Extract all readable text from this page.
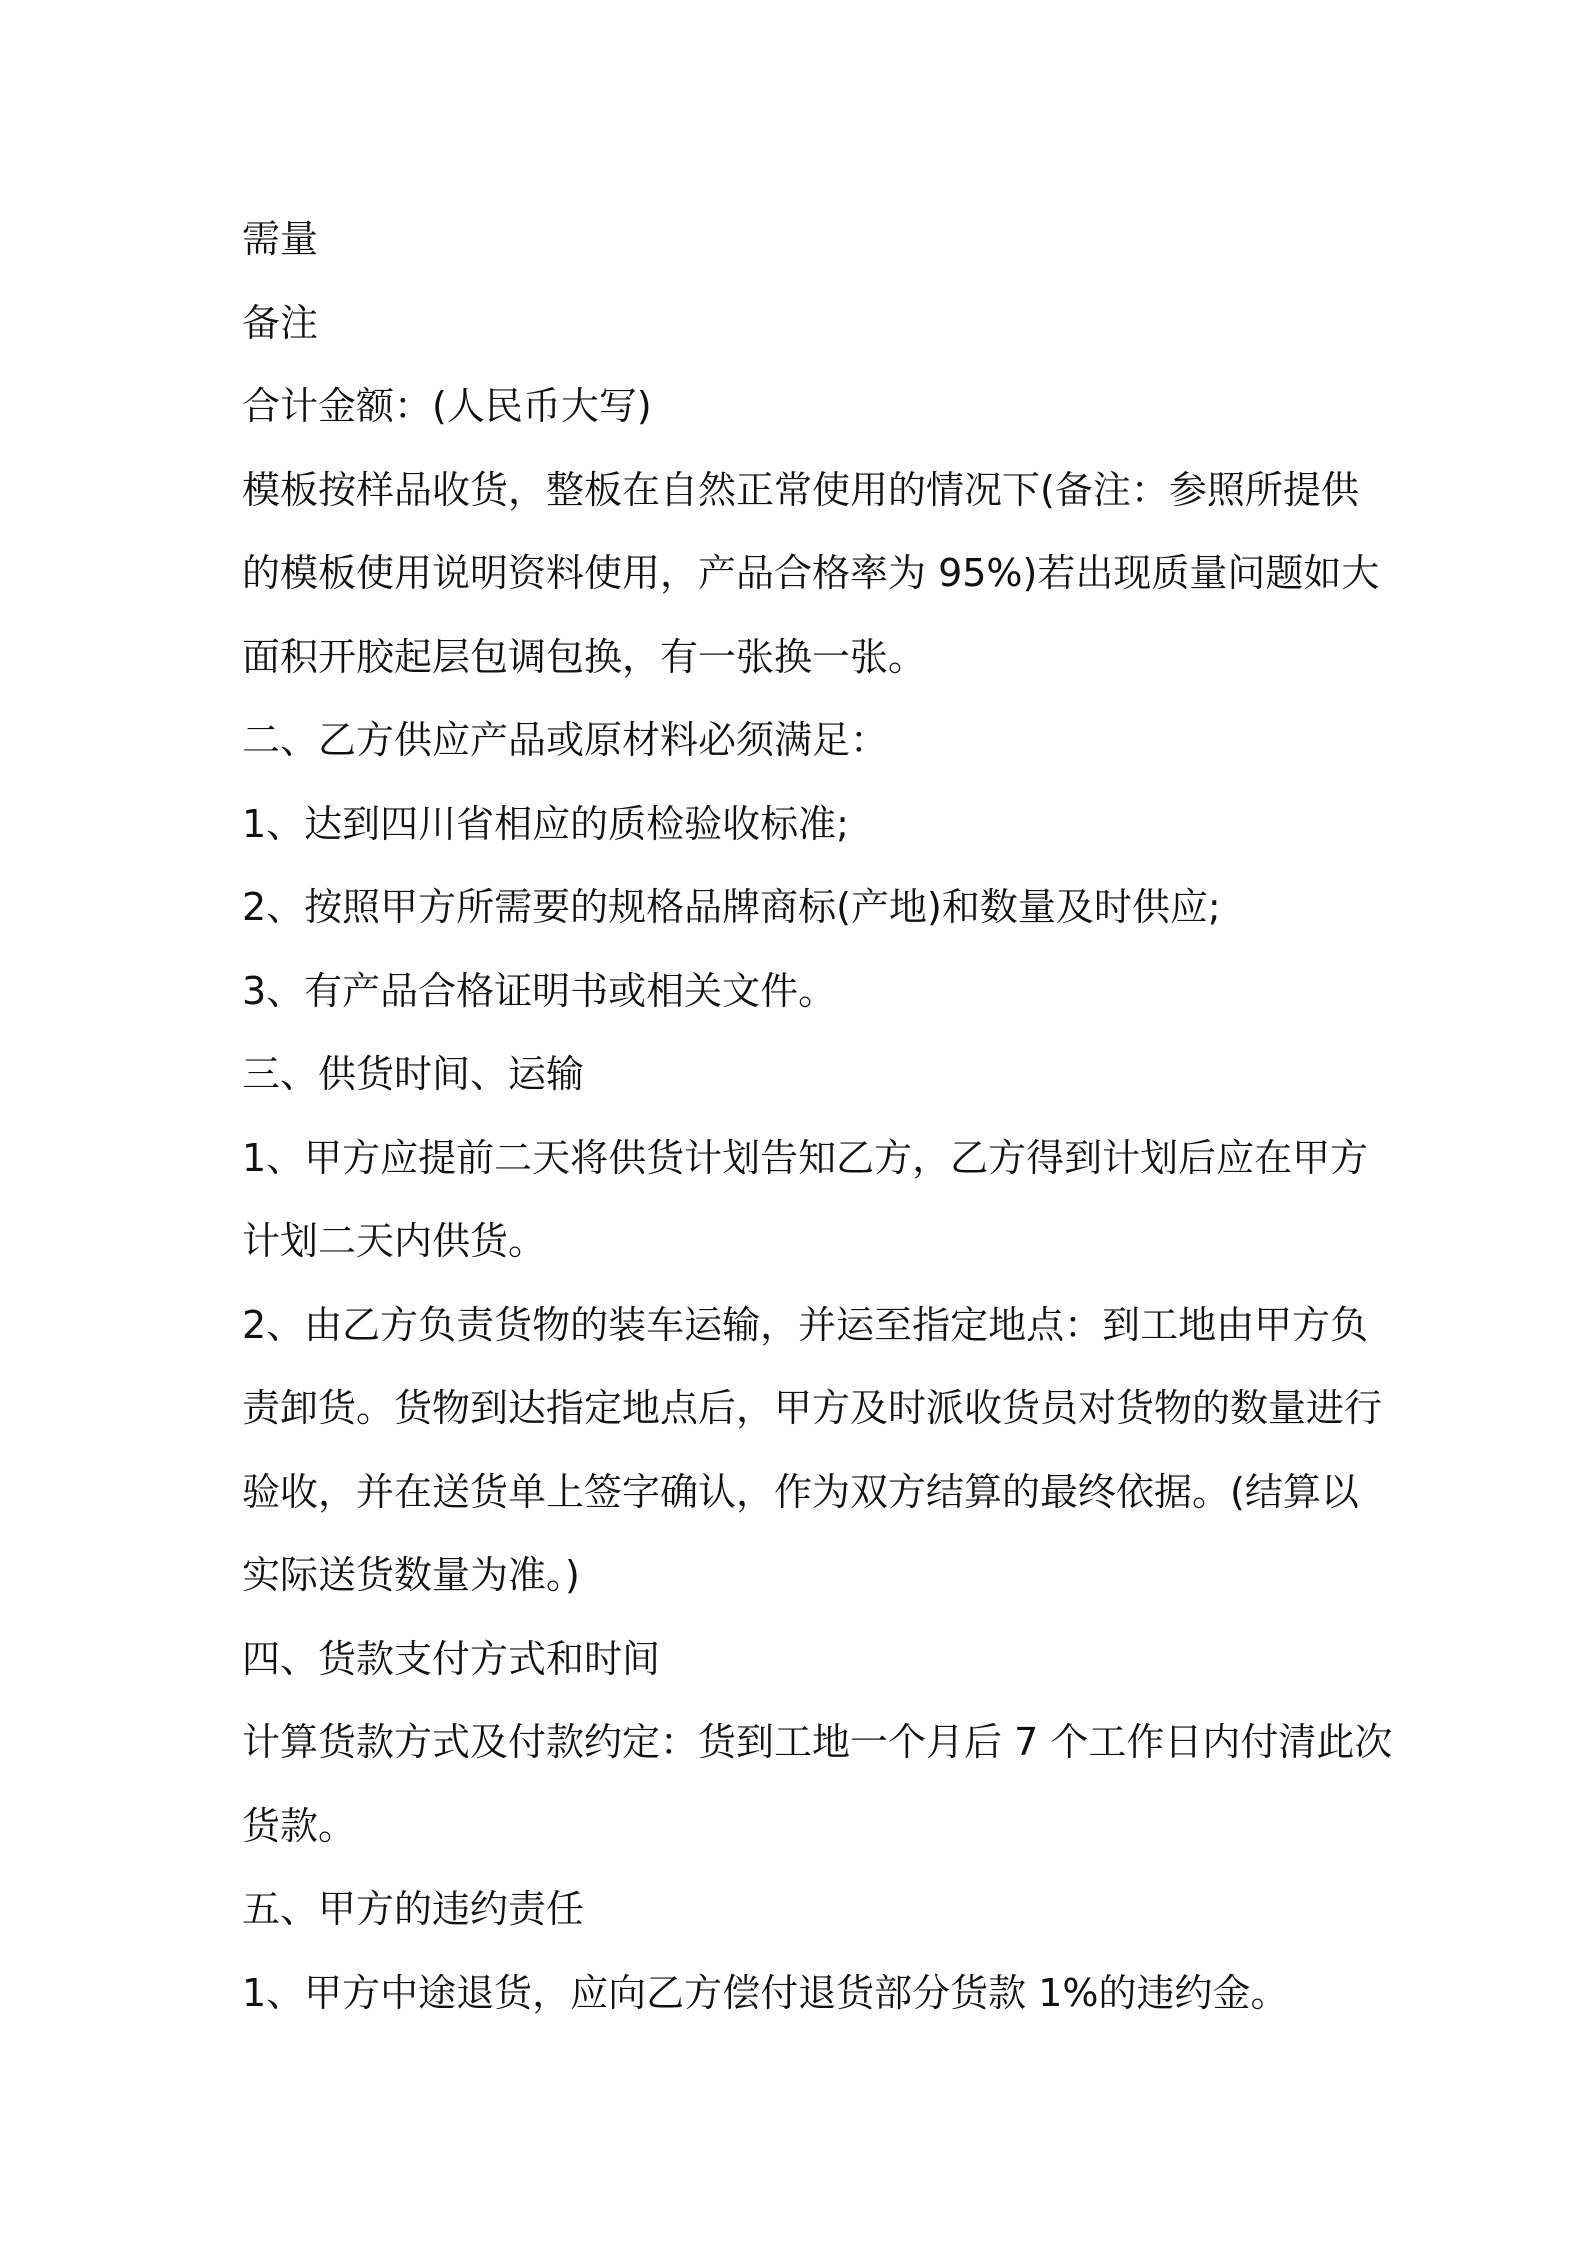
需量

备注

合计金额：(人民币大写)

模板按样品收货，整板在自然正常使用的情况下(备注：参照所提供

的模板使用说明资料使用，产品合格率为 95%)若出现质量问题如大

面积开胶起层包调包换，有一张换一张。

二、乙方供应产品或原材料必须满足：

1、达到四川省相应的质检验收标准;

2、按照甲方所需要的规格品牌商标(产地)和数量及时供应;

3、有产品合格证明书或相关文件。

三、供货时间、运输

1、甲方应提前二天将供货计划告知乙方，乙方得到计划后应在甲方

计划二天内供货。

2、由乙方负责货物的装车运输，并运至指定地点：到工地由甲方负

责卸货。货物到达指定地点后，甲方及时派收货员对货物的数量进行

验收，并在送货单上签字确认，作为双方结算的最终依据。(结算以

实际送货数量为准。)

四、货款支付方式和时间

计算货款方式及付款约定：货到工地一个月后 7 个工作日内付清此次

货款。

五、甲方的违约责任

1、甲方中途退货，应向乙方偿付退货部分货款 1%的违约金。
